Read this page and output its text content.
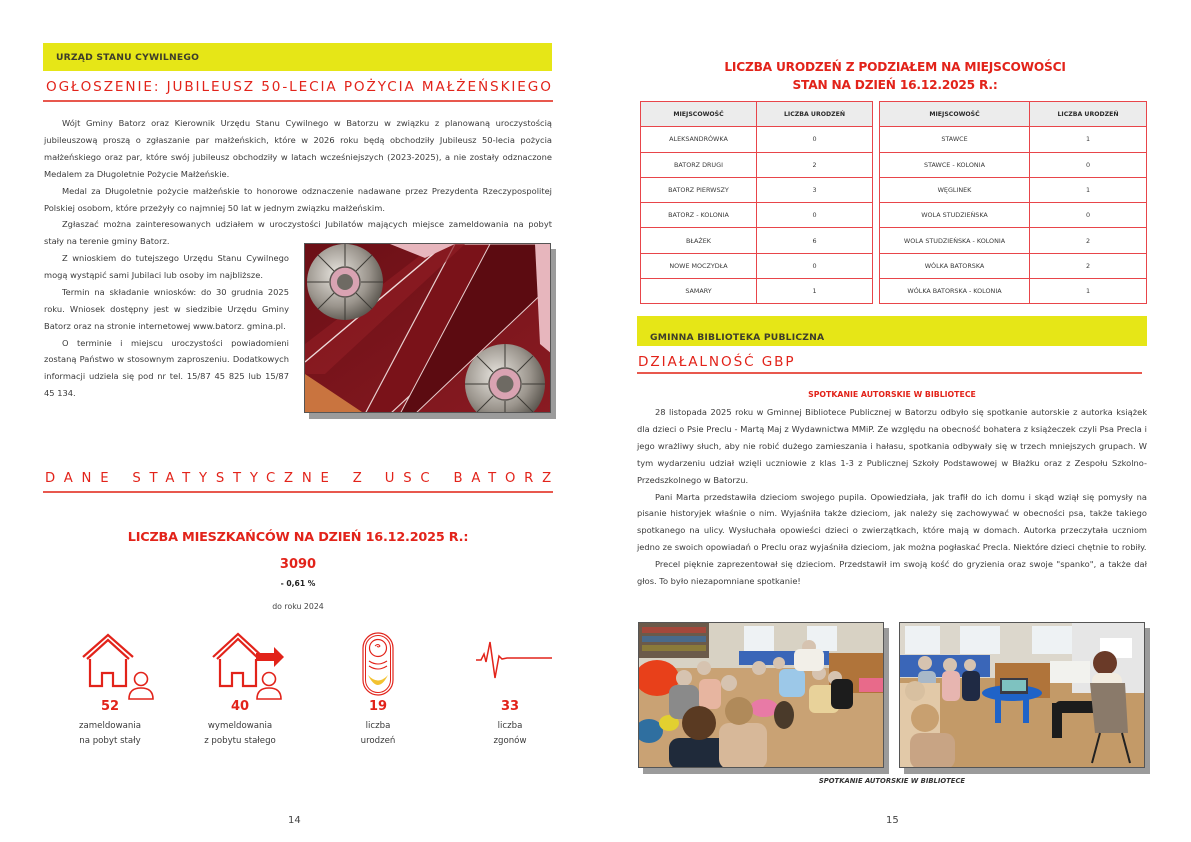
URZĄD STANU CYWILNEGO
OGŁOSZENIE: JUBILEUSZ 50-LECIA POŻYCIA MAŁŻEŃSKIEGO

Wójt Gminy Batorz oraz Kierownik Urzędu Stanu Cywilnego w Batorzu w związku z planowaną uroczystością jubileuszową proszą o zgłaszanie par małżeńskich, które w 2026 roku będą obchodziły Jubileusz 50-lecia pożycia małżeńskiego oraz par, które swój jubileusz obchodziły w latach wcześniejszych (2023-2025), a nie zostały odznaczone Medalem za Długoletnie Pożycie Małżeńskie.

Medal za Długoletnie pożycie małżeńskie to honorowe odznaczenie nadawane przez Prezydenta Rzeczypospolitej Polskiej osobom, które przeżyły co najmniej 50 lat w jednym związku małżeńskim.

Zgłaszać można zainteresowanych udziałem w uroczystości Jubilatów mających miejsce zameldowania na pobyt stały na terenie gminy Batorz.

Z wnioskiem do tutejszego Urzędu Stanu Cywilnego mogą wystąpić sami Jubilaci lub osoby im najbliższe.

Termin na składanie wniosków: do 30 grudnia 2025 roku. Wniosek dostępny jest w siedzibie Urzędu Gminy Batorz oraz na stronie internetowej www.batorz. gmina.pl.

O terminie i miejscu uroczystości powiadomieni zostaną Państwo w stosownym zaproszeniu. Dodatkowych informacji udziela się pod nr tel. 15/87 45 825 lub 15/87 45 134.

DANE STATYSTYCZNE Z USC BATORZ
LICZBA MIESZKAŃCÓW NA DZIEŃ 16.12.2025 R.:
3090
- 0,61 %
do roku 2024
52
zameldowania
na pobyt stały
40
wymeldowania
z pobytu stałego
19
liczba
urodzeń
33
liczba
zgonów
14
LICZBA URODZEŃ Z PODZIAŁEM NA MIEJSCOWOŚCI
STAN NA DZIEŃ 16.12.2025 R.:
MIEJSCOWOŚĆ	LICZBA URODZEŃ
ALEKSANDRÓWKA	0
BATORZ DRUGI	2
BATORZ PIERWSZY	3
BATORZ - KOLONIA	0
BŁAŻEK	6
NOWE MOCZYDŁA	0
SAMARY	1
MIEJSCOWOŚĆ	LICZBA URODZEŃ
STAWCE	1
STAWCE - KOLONIA	0
WĘGLINEK	1
WOLA STUDZIEŃSKA	0
WOLA STUDZIEŃSKA - KOLONIA	2
WÓLKA BATORSKA	2
WÓLKA BATORSKA - KOLONIA	1
GMINNA BIBLIOTEKA PUBLICZNA
DZIAŁALNOŚĆ GBP
SPOTKANIE AUTORSKIE W BIBLIOTECE

28 listopada 2025 roku w Gminnej Bibliotece Publicznej w Batorzu odbyło się spotkanie autorskie z autorka książek dla dzieci o Psie Preclu - Martą Maj z Wydawnictwa MMiP. Ze względu na obecność bohatera z książeczek czyli Psa Precla i jego wrażliwy słuch, aby nie robić dużego zamieszania i hałasu, spotkania odbywały się w trzech mniejszych grupach. W tym wydarzeniu udział wzięli uczniowie z klas 1-3 z Publicznej Szkoły Podstawowej w Błażku oraz z Zespołu Szkolno-Przedszkolnego w Batorzu.

Pani Marta przedstawiła dzieciom swojego pupila. Opowiedziała, jak trafił do ich domu i skąd wziął się pomysły na pisanie historyjek właśnie o nim. Wyjaśniła także dzieciom, jak należy się zachowywać w obecności psa, także takiego spotkanego na ulicy. Wysłuchała opowieści dzieci o zwierzątkach, które mają w domach. Autorka przeczytała uczniom jedno ze swoich opowiadań o Preclu oraz wyjaśniła dzieciom, jak można pogłaskać Precla. Niektóre dzieci chętnie to robiły.

Precel pięknie zaprezentował się dzieciom. Przedstawił im swoją kość do gryzienia oraz swoje "spanko", a także dał głos. To było niezapomniane spotkanie!

SPOTKANIE AUTORSKIE W BIBLIOTECE
15
